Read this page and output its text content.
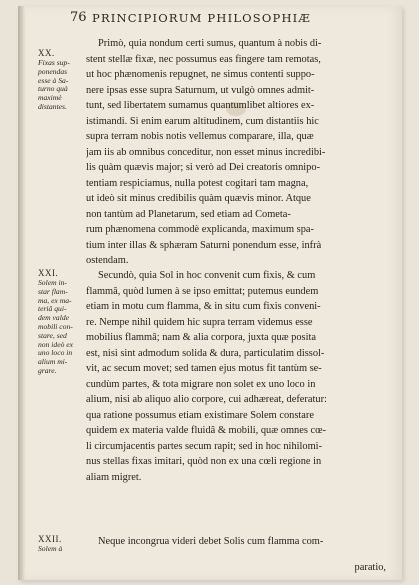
76 PRINCIPIORUM PHILOSOPHIÆ
XX.
Fixas sup-
ponendas
esse à Sa-
turno quà
maximè
distantes.
Primò, quia nondum certi sumus, quantum à nobis di-
stent stellæ fixæ, nec possumus eas fingere tam remotas,
ut hoc phænomenis repugnet, ne simus contenti suppo-
nere ipsas esse supra Saturnum, ut vulgò omnes admit-
tunt, sed libertatem sumamus quantumlibet altiores ex-
istimandi. Si enim earum altitudinem, cum distantiis hic
supra terram nobis notis vellemus comparare, illa, quæ
jam iis ab omnibus conceditur, non esset minus incredibi-
lis quàm quævis major; si verò ad Dei creatoris omnipo-
tentiam respiciamus, nulla potest cogitari tam magna,
ut ideò sit minus credibilis quàm quævis minor. Atque
non tantùm ad Planetarum, sed etiam ad Cometa-
rum phænomena commodè explicanda, maximum spa-
tium inter illas & sphæram Saturni ponendum esse, infrà
ostendam.
XXI.
Solem in-
star flam-
ma, ex ma-
teriâ qui-
dem valde
mobili con-
stare, sed
non ideò ex
uno loco in
alium mi-
grare.
Secundò, quia Sol in hoc convenit cum fixis, & cum
flammâ, quòd lumen à se ipso emittat; putemus eundem
etiam in motu cum flamma, & in situ cum fixis conveni-
re. Nempe nihil quidem hic supra terram videmus esse
mobilius flammâ; nam & alia corpora, juxta quæ posita
est, nisi sint admodum solida & dura, particulatim dissol-
vit, ac secum movet; sed tamen ejus motus fit tantùm se-
cundùm partes, & tota migrare non solet ex uno loco in
alium, nisi ab aliquo alio corpore, cui adhæreat, deferatur:
qua ratione possumus etiam existimare Solem constare
quidem ex materia valde fluidâ & mobili, quæ omnes cœ-
li circumjacentis partes secum rapit; sed in hoc nihilomi-
nus stellas fixas imitari, quòd non ex una cœli regione in
aliam migret.
XXII.
Solem à
Neque incongrua videri debet Solis cum flamma com-
paratio,
